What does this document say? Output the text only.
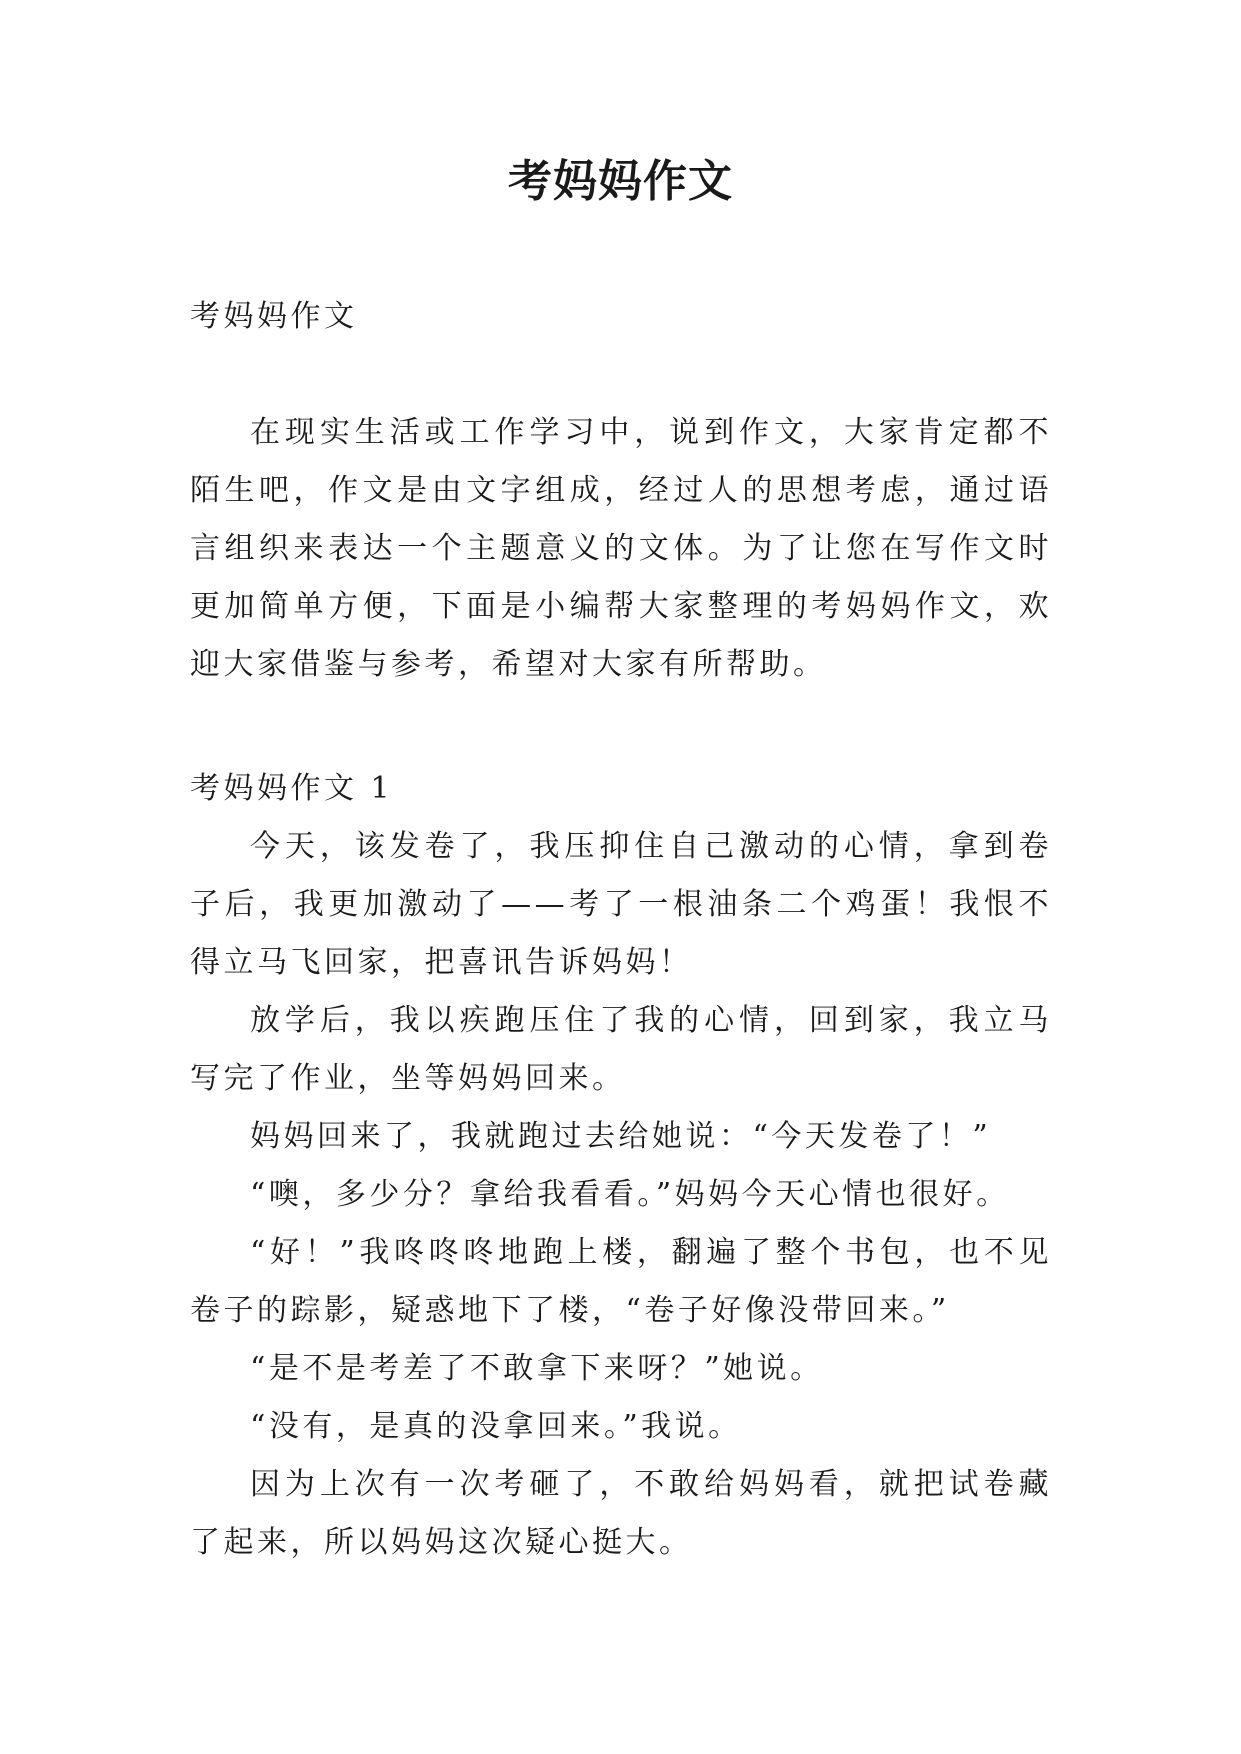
考妈妈作文

考妈妈作文

在现实生活或工作学习中，说到作文，大家肯定都不陌生吧，作文是由文字组成，经过人的思想考虑，通过语言组织来表达一个主题意义的文体。为了让您在写作文时更加简单方便，下面是小编帮大家整理的考妈妈作文，欢迎大家借鉴与参考，希望对大家有所帮助。

考妈妈作文 1

今天，该发卷了，我压抑住自己激动的心情，拿到卷子后，我更加激动了——考了一根油条二个鸡蛋！我恨不得立马飞回家，把喜讯告诉妈妈！

放学后，我以疾跑压住了我的心情，回到家，我立马写完了作业，坐等妈妈回来。

妈妈回来了，我就跑过去给她说：“今天发卷了！”

“噢，多少分？拿给我看看。”妈妈今天心情也很好。

“好！”我咚咚咚地跑上楼，翻遍了整个书包，也不见卷子的踪影，疑惑地下了楼，“卷子好像没带回来。”

“是不是考差了不敢拿下来呀？”她说。

“没有，是真的没拿回来。”我说。

因为上次有一次考砸了，不敢给妈妈看，就把试卷藏了起来，所以妈妈这次疑心挺大。
